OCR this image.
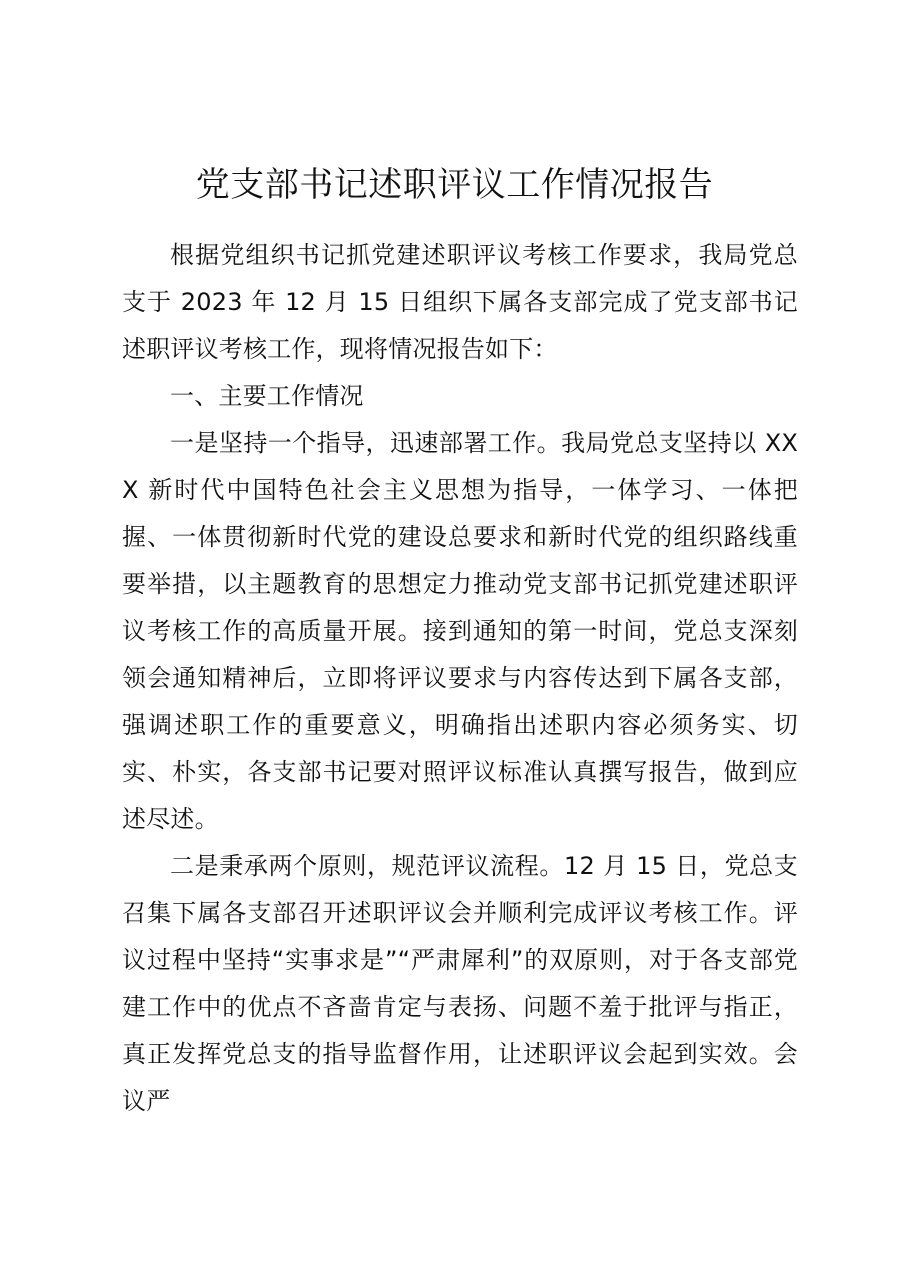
党支部书记述职评议工作情况报告

根据党组织书记抓党建述职评议考核工作要求，我局党总支于 2023 年 12 月 15 日组织下属各支部完成了党支部书记述职评议考核工作，现将情况报告如下：

一、主要工作情况

一是坚持一个指导，迅速部署工作。我局党总支坚持以 XXX 新时代中国特色社会主义思想为指导，一体学习、一体把握、一体贯彻新时代党的建设总要求和新时代党的组织路线重要举措，以主题教育的思想定力推动党支部书记抓党建述职评议考核工作的高质量开展。接到通知的第一时间，党总支深刻领会通知精神后，立即将评议要求与内容传达到下属各支部，强调述职工作的重要意义，明确指出述职内容必须务实、切实、朴实，各支部书记要对照评议标准认真撰写报告，做到应述尽述。

二是秉承两个原则，规范评议流程。12 月 15 日，党总支召集下属各支部召开述职评议会并顺利完成评议考核工作。评议过程中坚持“实事求是”“严肃犀利”的双原则，对于各支部党建工作中的优点不吝啬肯定与表扬、问题不羞于批评与指正，真正发挥党总支的指导监督作用，让述职评议会起到实效。会议严
